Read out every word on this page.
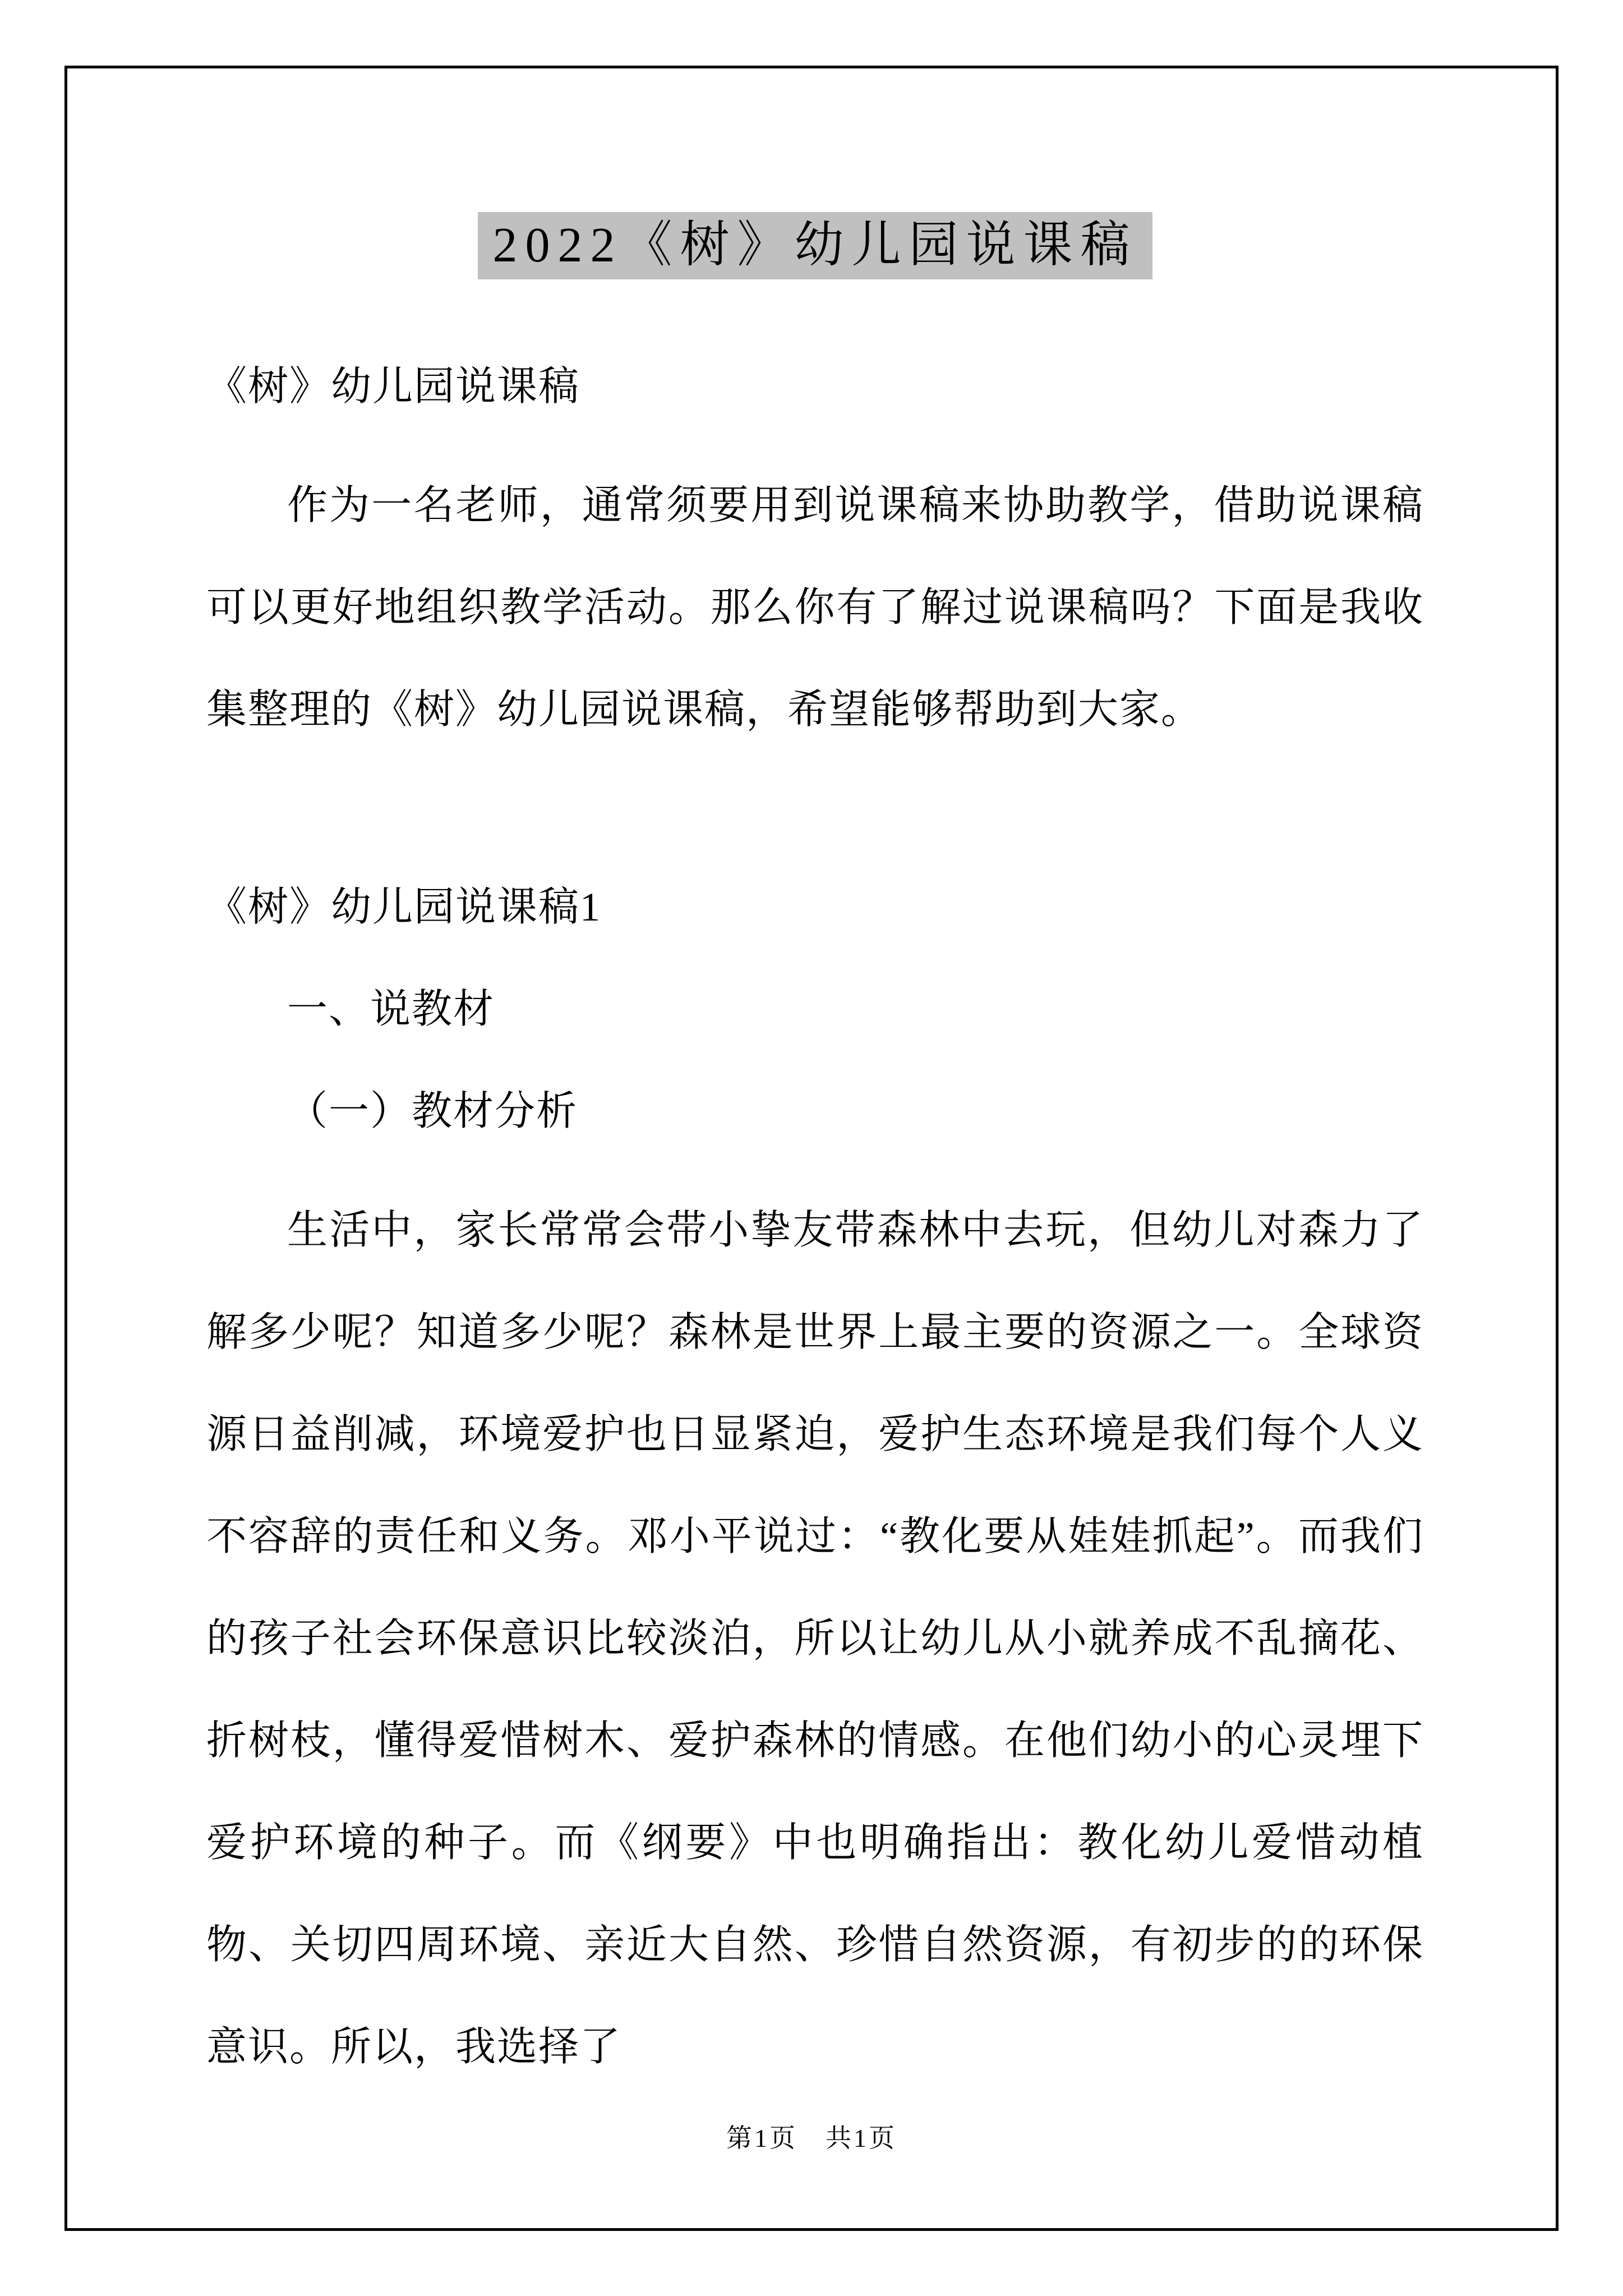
2022《树》幼儿园说课稿

《树》幼儿园说课稿

作为一名老师，通常须要用到说课稿来协助教学，借助说课稿可以更好地组织教学活动。那么你有了解过说课稿吗？下面是我收集整理的《树》幼儿园说课稿，希望能够帮助到大家。

《树》幼儿园说课稿1

一、说教材

（一）教材分析

生活中，家长常常会带小挚友带森林中去玩，但幼儿对森力了解多少呢？知道多少呢？森林是世界上最主要的资源之一。全球资源日益削减，环境爱护也日显紧迫，爱护生态环境是我们每个人义不容辞的责任和义务。邓小平说过：“教化要从娃娃抓起”。而我们的孩子社会环保意识比较淡泊，所以让幼儿从小就养成不乱摘花、折树枝，懂得爱惜树木、爱护森林的情感。在他们幼小的心灵埋下爱护环境的种子。而《纲要》中也明确指出：教化幼儿爱惜动植物、关切四周环境、亲近大自然、珍惜自然资源，有初步的的环保意识。所以，我选择了

第1页　共1页
